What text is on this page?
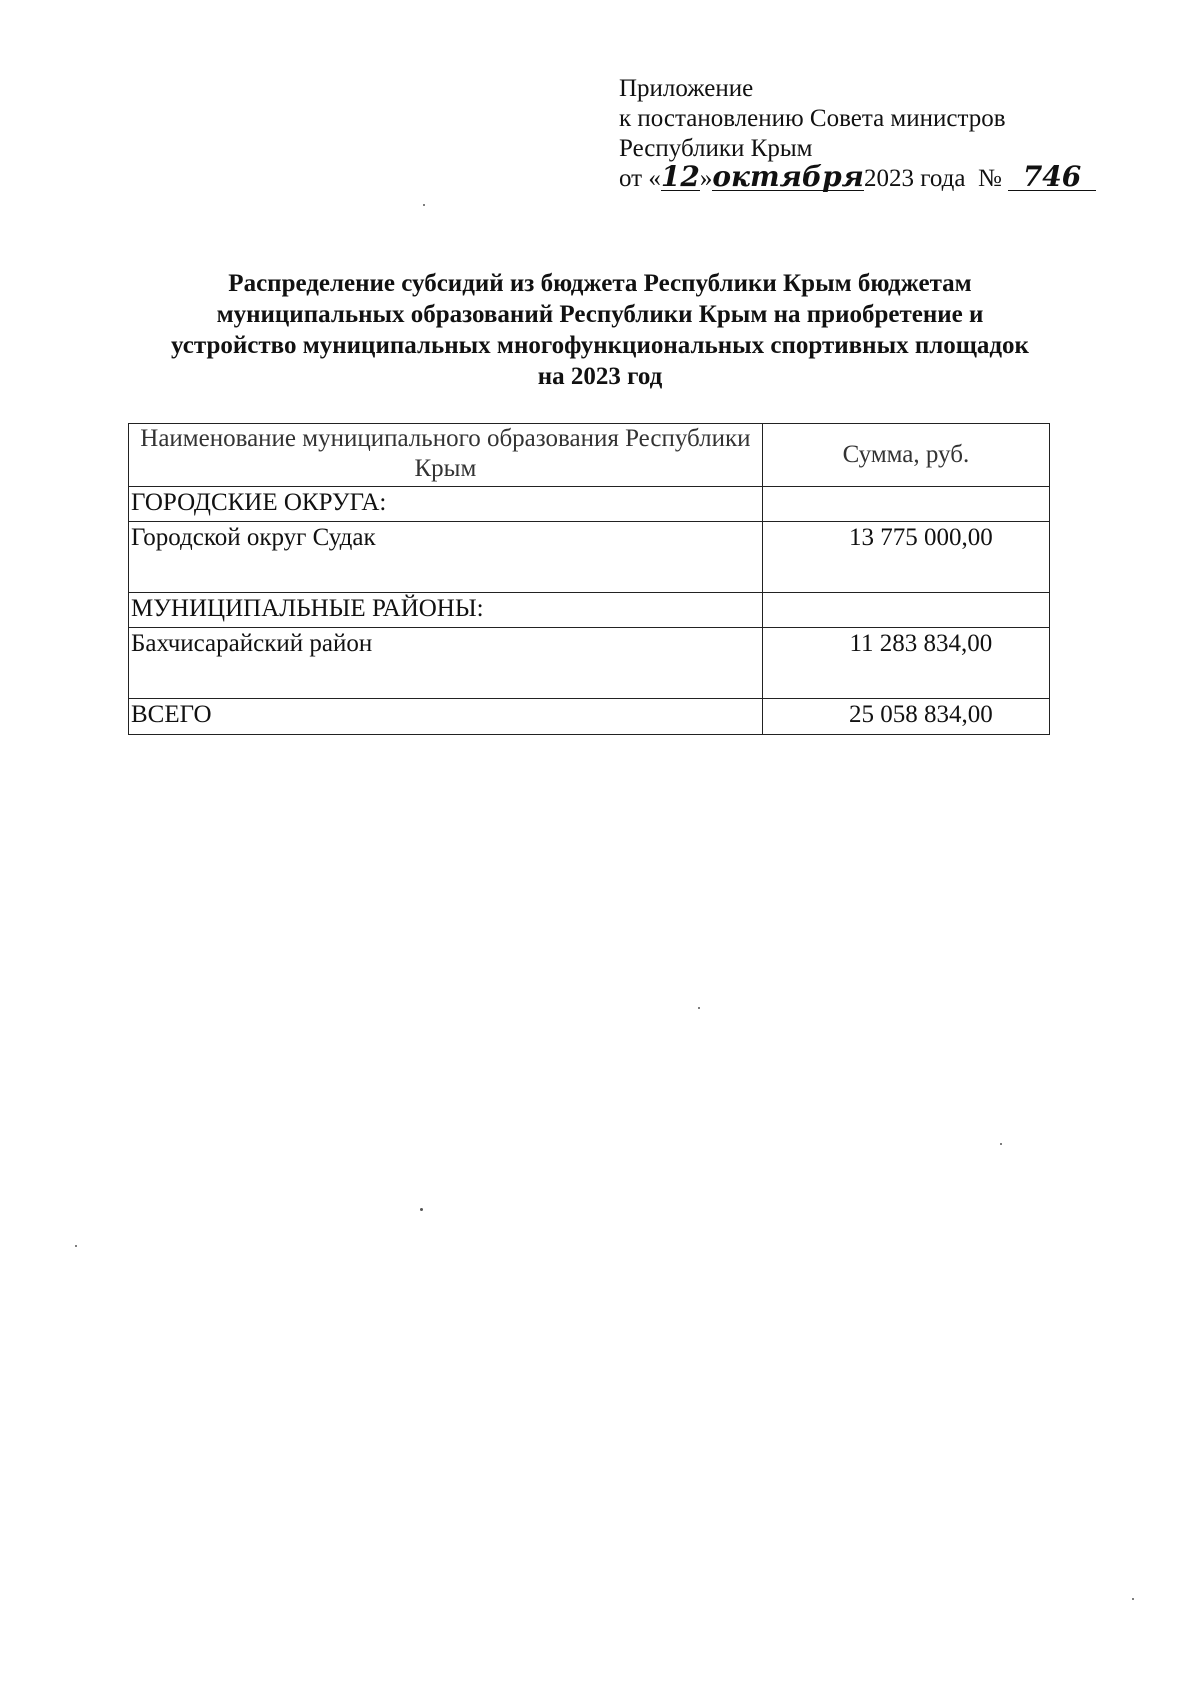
Приложение
к постановлению Совета министров
Республики Крым
от «12»октября2023 года № 746
Распределение субсидий из бюджета Республики Крым бюджетам муниципальных образований Республики Крым на приобретение и устройство муниципальных многофункциональных спортивных площадок на 2023 год
Наименование муниципального образования Республики Крым	Сумма, руб.

ГОРОДСКИЕ ОКРУГА:	

Городской округ Судак	13 775 000,00

МУНИЦИПАЛЬНЫЕ РАЙОНЫ:	

Бахчисарайский район	11 283 834,00

ВСЕГО	25 058 834,00
